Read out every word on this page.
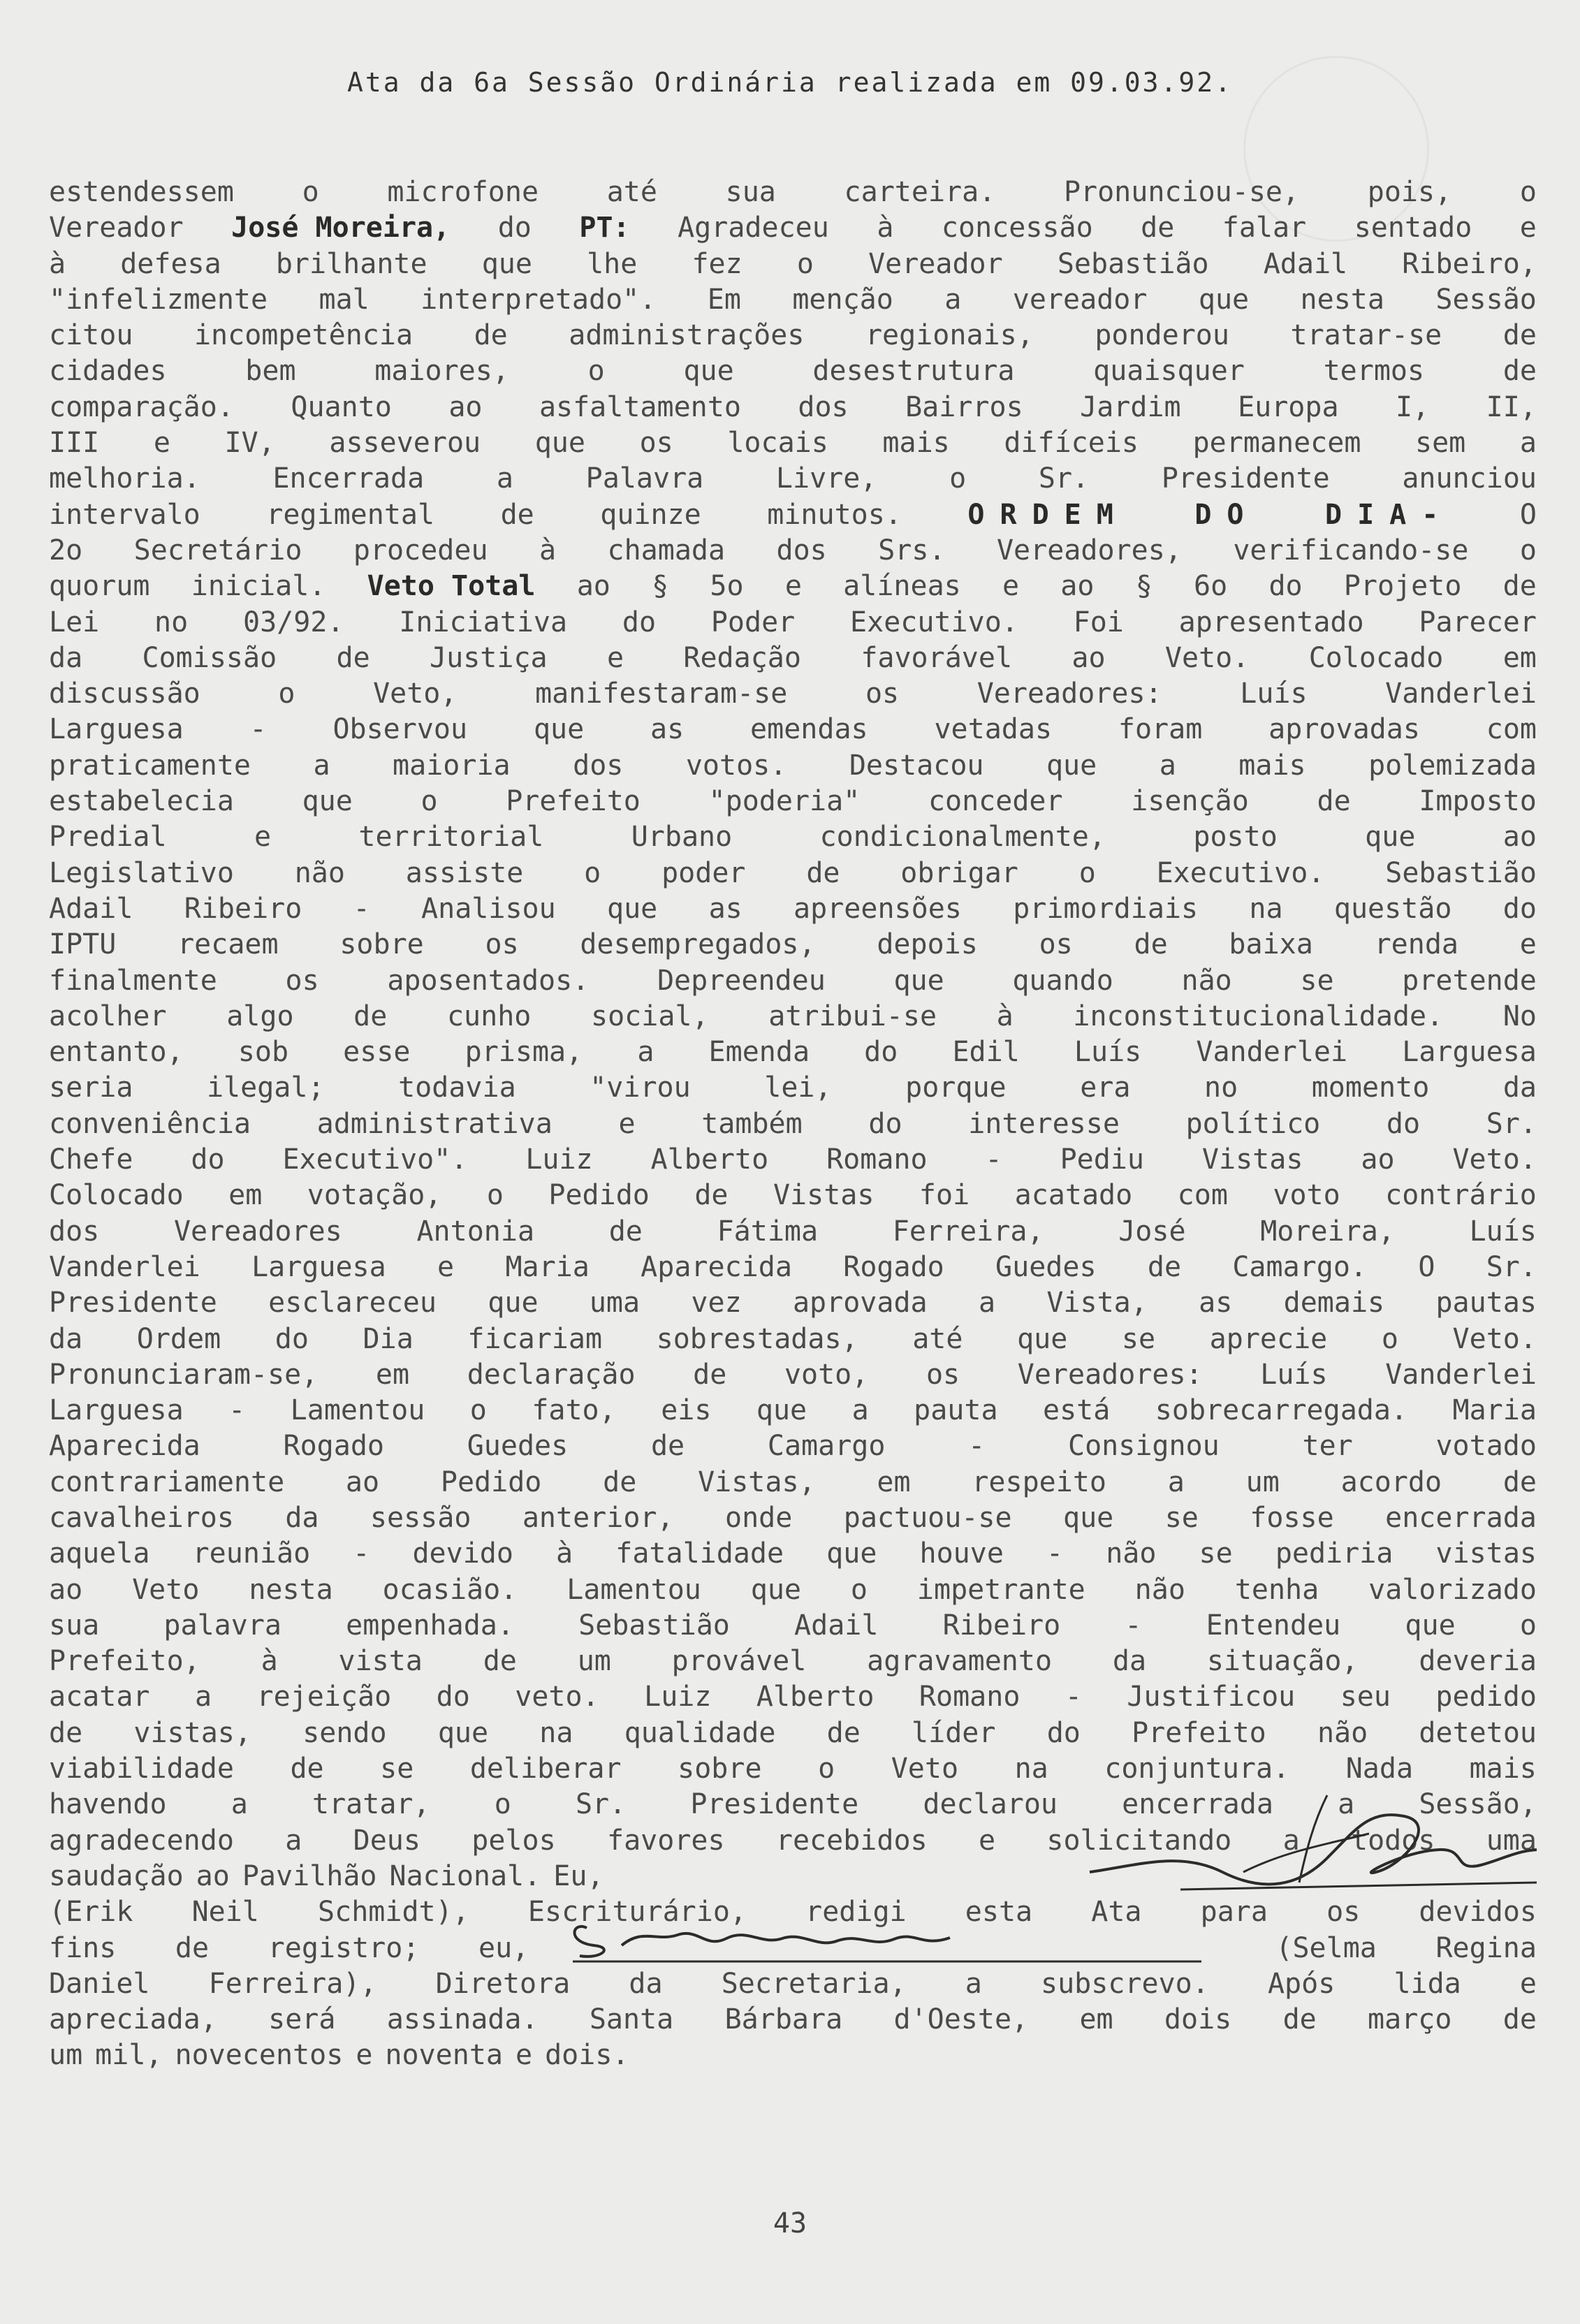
Ata da 6a Sessão Ordinária realizada em 09.03.92.
estendessem o microfone até sua carteira. Pronunciou-se, pois, o
Vereador José Moreira, do PT: Agradeceu à concessão de falar sentado e
à defesa brilhante que lhe fez o Vereador Sebastião Adail Ribeiro,
"infelizmente mal interpretado". Em menção a vereador que nesta Sessão
citou incompetência de administrações regionais, ponderou tratar-se de
cidades	bem	maiores,	o	que	desestrutura	quaisquer	termos	de
comparação. Quanto ao asfaltamento dos Bairros Jardim Europa I, II,
III e IV, asseverou que os locais mais difíceis permanecem sem a
melhoria.	Encerrada	a	Palavra	Livre,	o	Sr.	Presidente	anunciou
intervalo regimental de quinze minutos. ORDEM DO DIA- O
2o Secretário procedeu à chamada dos Srs. Vereadores, verificando-se o
quorum inicial. Veto Total ao § 5o e alíneas e ao § 6o do Projeto de
Lei no 03/92. Iniciativa do Poder Executivo. Foi apresentado Parecer
da Comissão de Justiça e Redação favorável ao Veto. Colocado em
discussão	o	Veto,	manifestaram-se	os	Vereadores:	Luís	Vanderlei
Larguesa - Observou que as emendas vetadas foram aprovadas com
praticamente a maioria dos votos. Destacou que a mais polemizada
estabelecia que o Prefeito "poderia" conceder isenção de Imposto
Predial	e	territorial	Urbano	condicionalmente,	posto	que	ao
Legislativo não assiste o poder de obrigar o Executivo. Sebastião
Adail Ribeiro - Analisou que as apreensões primordiais na questão do
IPTU recaem sobre os desempregados, depois os de baixa renda e
finalmente os aposentados. Depreendeu que quando não se pretende
acolher algo de cunho social, atribui-se à inconstitucionalidade. No
entanto, sob esse prisma, a Emenda do Edil Luís Vanderlei Larguesa
seria	ilegal;	todavia	"virou	lei,	porque	era	no	momento	da
conveniência administrativa e também do interesse político do Sr.
Chefe do Executivo". Luiz Alberto Romano - Pediu Vistas ao Veto.
Colocado em votação, o Pedido de Vistas foi acatado com voto contrário
dos	Vereadores	Antonia	de	Fátima	Ferreira,	José	Moreira,	Luís
Vanderlei Larguesa e Maria Aparecida Rogado Guedes de Camargo. O Sr.
Presidente esclareceu que uma vez aprovada a Vista, as demais pautas
da Ordem do Dia ficariam sobrestadas, até que se aprecie o Veto.
Pronunciaram-se, em declaração de voto, os Vereadores: Luís Vanderlei
Larguesa - Lamentou o fato, eis que a pauta está sobrecarregada. Maria
Aparecida	Rogado	Guedes	de	Camargo	-	Consignou	ter	votado
contrariamente ao Pedido de Vistas, em respeito a um acordo de
cavalheiros da sessão anterior, onde pactuou-se que se fosse encerrada
aquela reunião - devido à fatalidade que houve - não se pediria vistas
ao Veto nesta ocasião. Lamentou que o impetrante não tenha valorizado
sua palavra empenhada. Sebastião Adail Ribeiro - Entendeu que o
Prefeito, à vista de um provável agravamento da situação, deveria
acatar a rejeição do veto. Luiz Alberto Romano - Justificou seu pedido
de vistas, sendo que na qualidade de líder do Prefeito não detetou
viabilidade de se deliberar sobre o Veto na conjuntura. Nada mais
havendo a tratar, o Sr. Presidente declarou encerrada a Sessão,
agradecendo a Deus pelos favores recebidos e solicitando a todos uma
saudação ao Pavilhão Nacional. Eu,
(Erik Neil Schmidt), Escriturário, redigi esta Ata para os devidos
fins de registro; eu,	(Selma Regina
Daniel Ferreira), Diretora da Secretaria, a subscrevo. Após lida e
apreciada, será assinada. Santa Bárbara d'Oeste, em dois de março de
um mil, novecentos e noventa e dois.
43
